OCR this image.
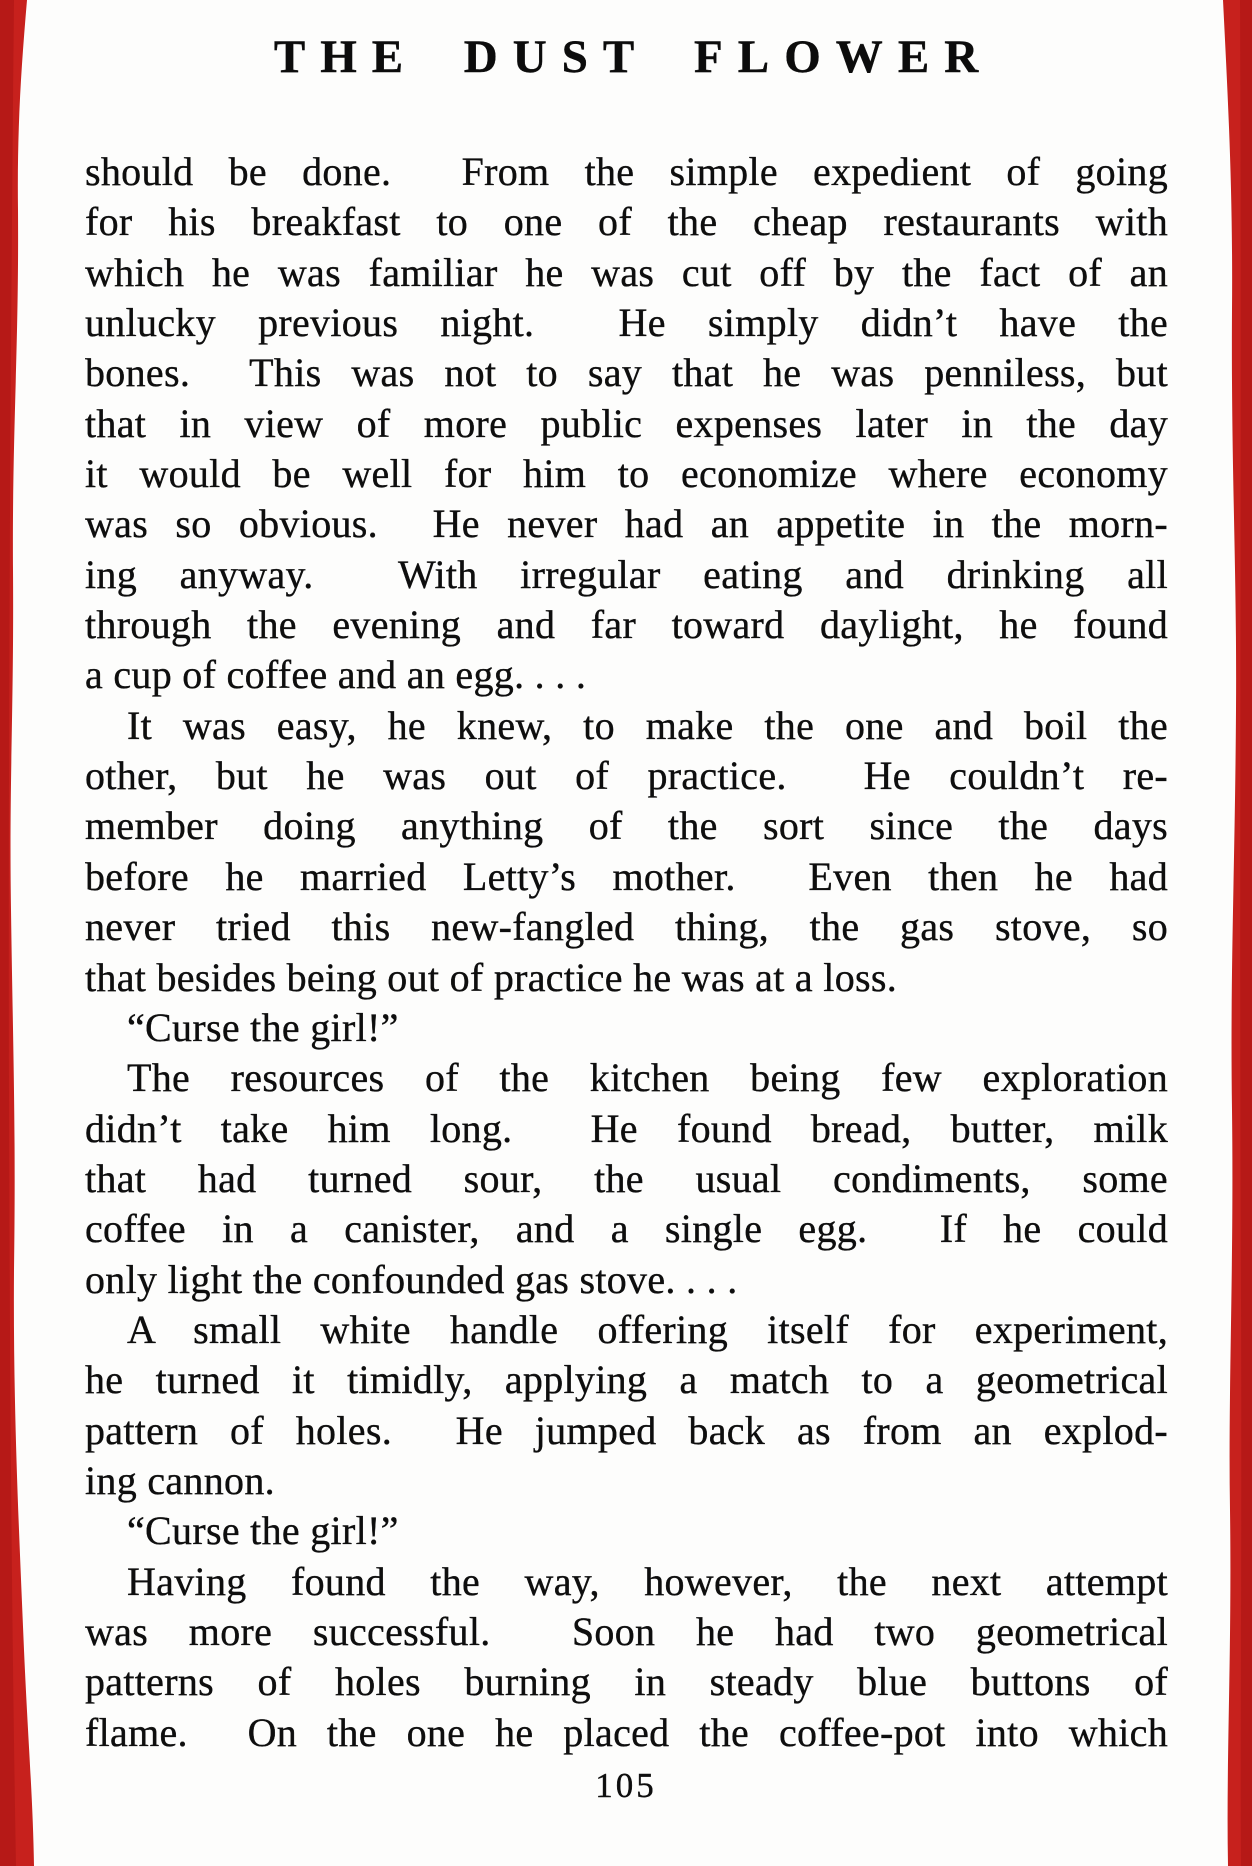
THE DUST FLOWER
should be done.  From the simple expedient of going
for his breakfast to one of the cheap restaurants with
which he was familiar he was cut off by the fact of an
unlucky previous night.  He simply didn’t have the
bones.  This was not to say that he was penniless, but
that in view of more public expenses later in the day
it would be well for him to economize where economy
was so obvious.  He never had an appetite in the morn-
ing anyway.  With irregular eating and drinking all
through the evening and far toward daylight, he found
a cup of coffee and an egg. . . .
It was easy, he knew, to make the one and boil the
other, but he was out of practice.  He couldn’t re-
member doing anything of the sort since the days
before he married Letty’s mother.  Even then he had
never tried this new-fangled thing, the gas stove, so
that besides being out of practice he was at a loss.
“Curse the girl!”
The resources of the kitchen being few exploration
didn’t take him long.  He found bread, butter, milk
that had turned sour, the usual condiments, some
coffee in a canister, and a single egg.  If he could
only light the confounded gas stove. . . .
A small white handle offering itself for experiment,
he turned it timidly, applying a match to a geometrical
pattern of holes.  He jumped back as from an explod-
ing cannon.
“Curse the girl!”
Having found the way, however, the next attempt
was more successful.  Soon he had two geometrical
patterns of holes burning in steady blue buttons of
flame.  On the one he placed the coffee-pot into which
105
